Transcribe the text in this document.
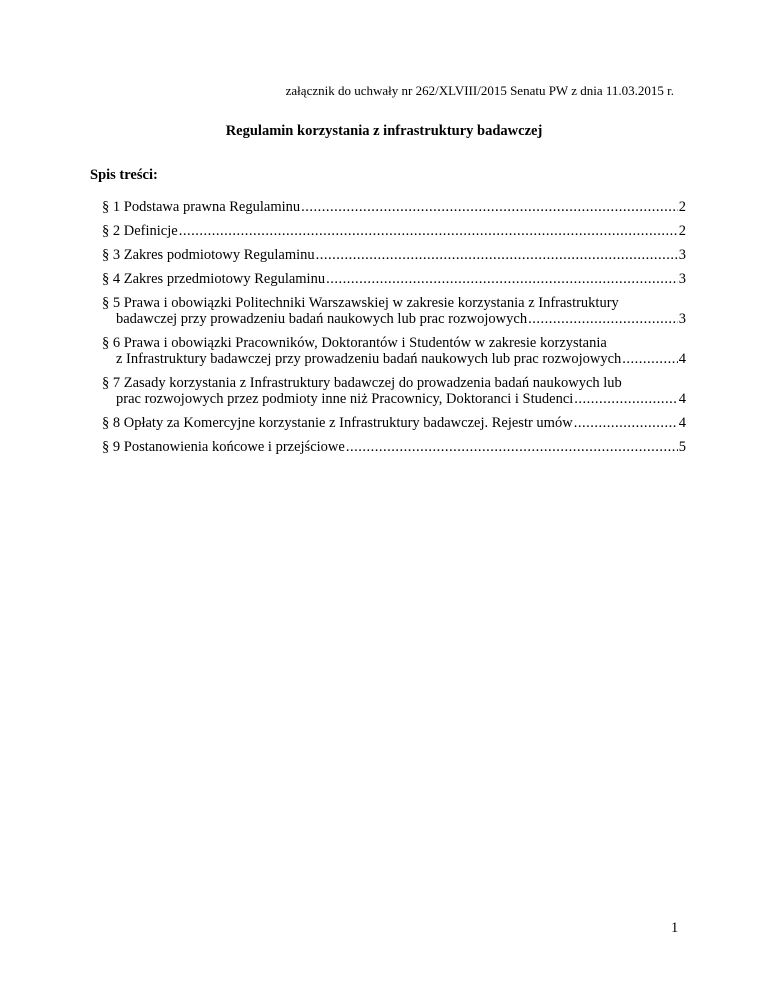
załącznik do uchwały nr 262/XLVIII/2015 Senatu PW z dnia 11.03.2015 r.
Regulamin korzystania z infrastruktury badawczej
Spis treści:
§ 1 Podstawa prawna Regulaminu .....	2
§ 2 Definicje .....	2
§ 3 Zakres podmiotowy Regulaminu .....	3
§ 4 Zakres przedmiotowy Regulaminu .....	3
§ 5 Prawa i obowiązki Politechniki Warszawskiej w zakresie korzystania z Infrastruktury
badawczej przy prowadzeniu badań naukowych lub prac rozwojowych .....	3
§ 6 Prawa i obowiązki Pracowników, Doktorantów i Studentów w zakresie korzystania
z Infrastruktury badawczej przy prowadzeniu badań naukowych lub prac rozwojowych .....	4
§ 7 Zasady korzystania z Infrastruktury badawczej do prowadzenia badań naukowych lub
prac rozwojowych przez podmioty inne niż Pracownicy, Doktoranci i Studenci .....	4
§ 8 Opłaty za Komercyjne korzystanie z Infrastruktury badawczej. Rejestr umów .....	4
§ 9 Postanowienia końcowe i przejściowe .....	5
1
